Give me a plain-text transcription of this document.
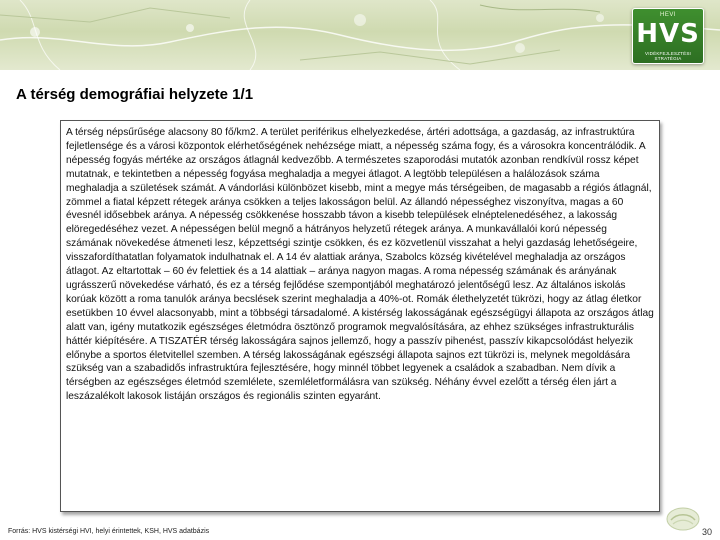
HEVI
HVS
VIDÉKFEJLESZTÉSI STRATÉGIA
A térség demográfiai helyzete 1/1

A térség népsűrűsége alacsony 80 fő/km2. A terület periférikus elhelyezkedése, ártéri adottsága, a gazdaság, az infrastruktúra fejletlensége és a városi központok elérhetőségének nehézsége miatt, a népesség száma fogy, és a városokra koncentrálódik. A népesség fogyás mértéke az országos átlagnál kedvezőbb. A természetes szaporodási mutatók azonban rendkívül rossz képet mutatnak, e tekintetben a népesség fogyása meghaladja a megyei átlagot. A legtöbb településen a halálozások száma meghaladja a születések számát. A vándorlási különbözet kisebb, mint a megye más térségeiben, de magasabb a régiós átlagnál, zömmel a fiatal képzett rétegek aránya csökken a teljes lakosságon belül. Az állandó népességhez viszonyítva, magas a 60 évesnél idősebbek aránya. A népesség csökkenése hosszabb távon a kisebb települések elnéptelenedéséhez, a lakosság elöregedéséhez vezet. A népességen belül megnő a hátrányos helyzetű rétegek aránya. A munkavállalói korú népesség számának növekedése átmeneti lesz, képzettségi szintje csökken, és ez közvetlenül visszahat a helyi gazdaság lehetőségeire, visszafordíthatatlan folyamatok indulhatnak el. A 14 év alattiak aránya, Szabolcs község kivételével meghaladja az országos átlagot. Az eltartottak – 60 év felettiek és a 14 alattiak – aránya nagyon magas. A roma népesség számának és arányának ugrásszerű növekedése várható, és ez a térség fejlődése szempontjából meghatározó jelentőségű lesz. Az általános iskolás korúak között a roma tanulók aránya becslések szerint meghaladja a 40%-ot. Romák élethelyzetét tükrözi, hogy az átlag életkor esetükben 10 évvel alacsonyabb, mint a többségi társadalomé. A kistérség lakosságának egészségügyi állapota az országos átlag alatt van, igény mutatkozik egészséges életmódra ösztönző programok megvalósítására, az ehhez szükséges infrastrukturális háttér kiépítésére. A TISZATÉR térség lakosságára sajnos jellemző, hogy a passzív pihenést, passzív kikapcsolódást helyezik előnybe a sportos életvitellel szemben. A térség lakosságának egészségi állapota sajnos ezt tükrözi is, melynek megoldására szükség van a szabadidős infrastruktúra fejlesztésére, hogy minnél többet legyenek a családok a szabadban. Nem dívik a térségben az egészséges életmód szemlélete, szemléletformálásra van szükség. Néhány évvel ezelőtt a térség élen járt a leszázalékolt lakosok listáján országos és regionális szinten egyaránt.

Forrás: HVS kistérségi HVI, helyi érintettek, KSH, HVS adatbázis	30
